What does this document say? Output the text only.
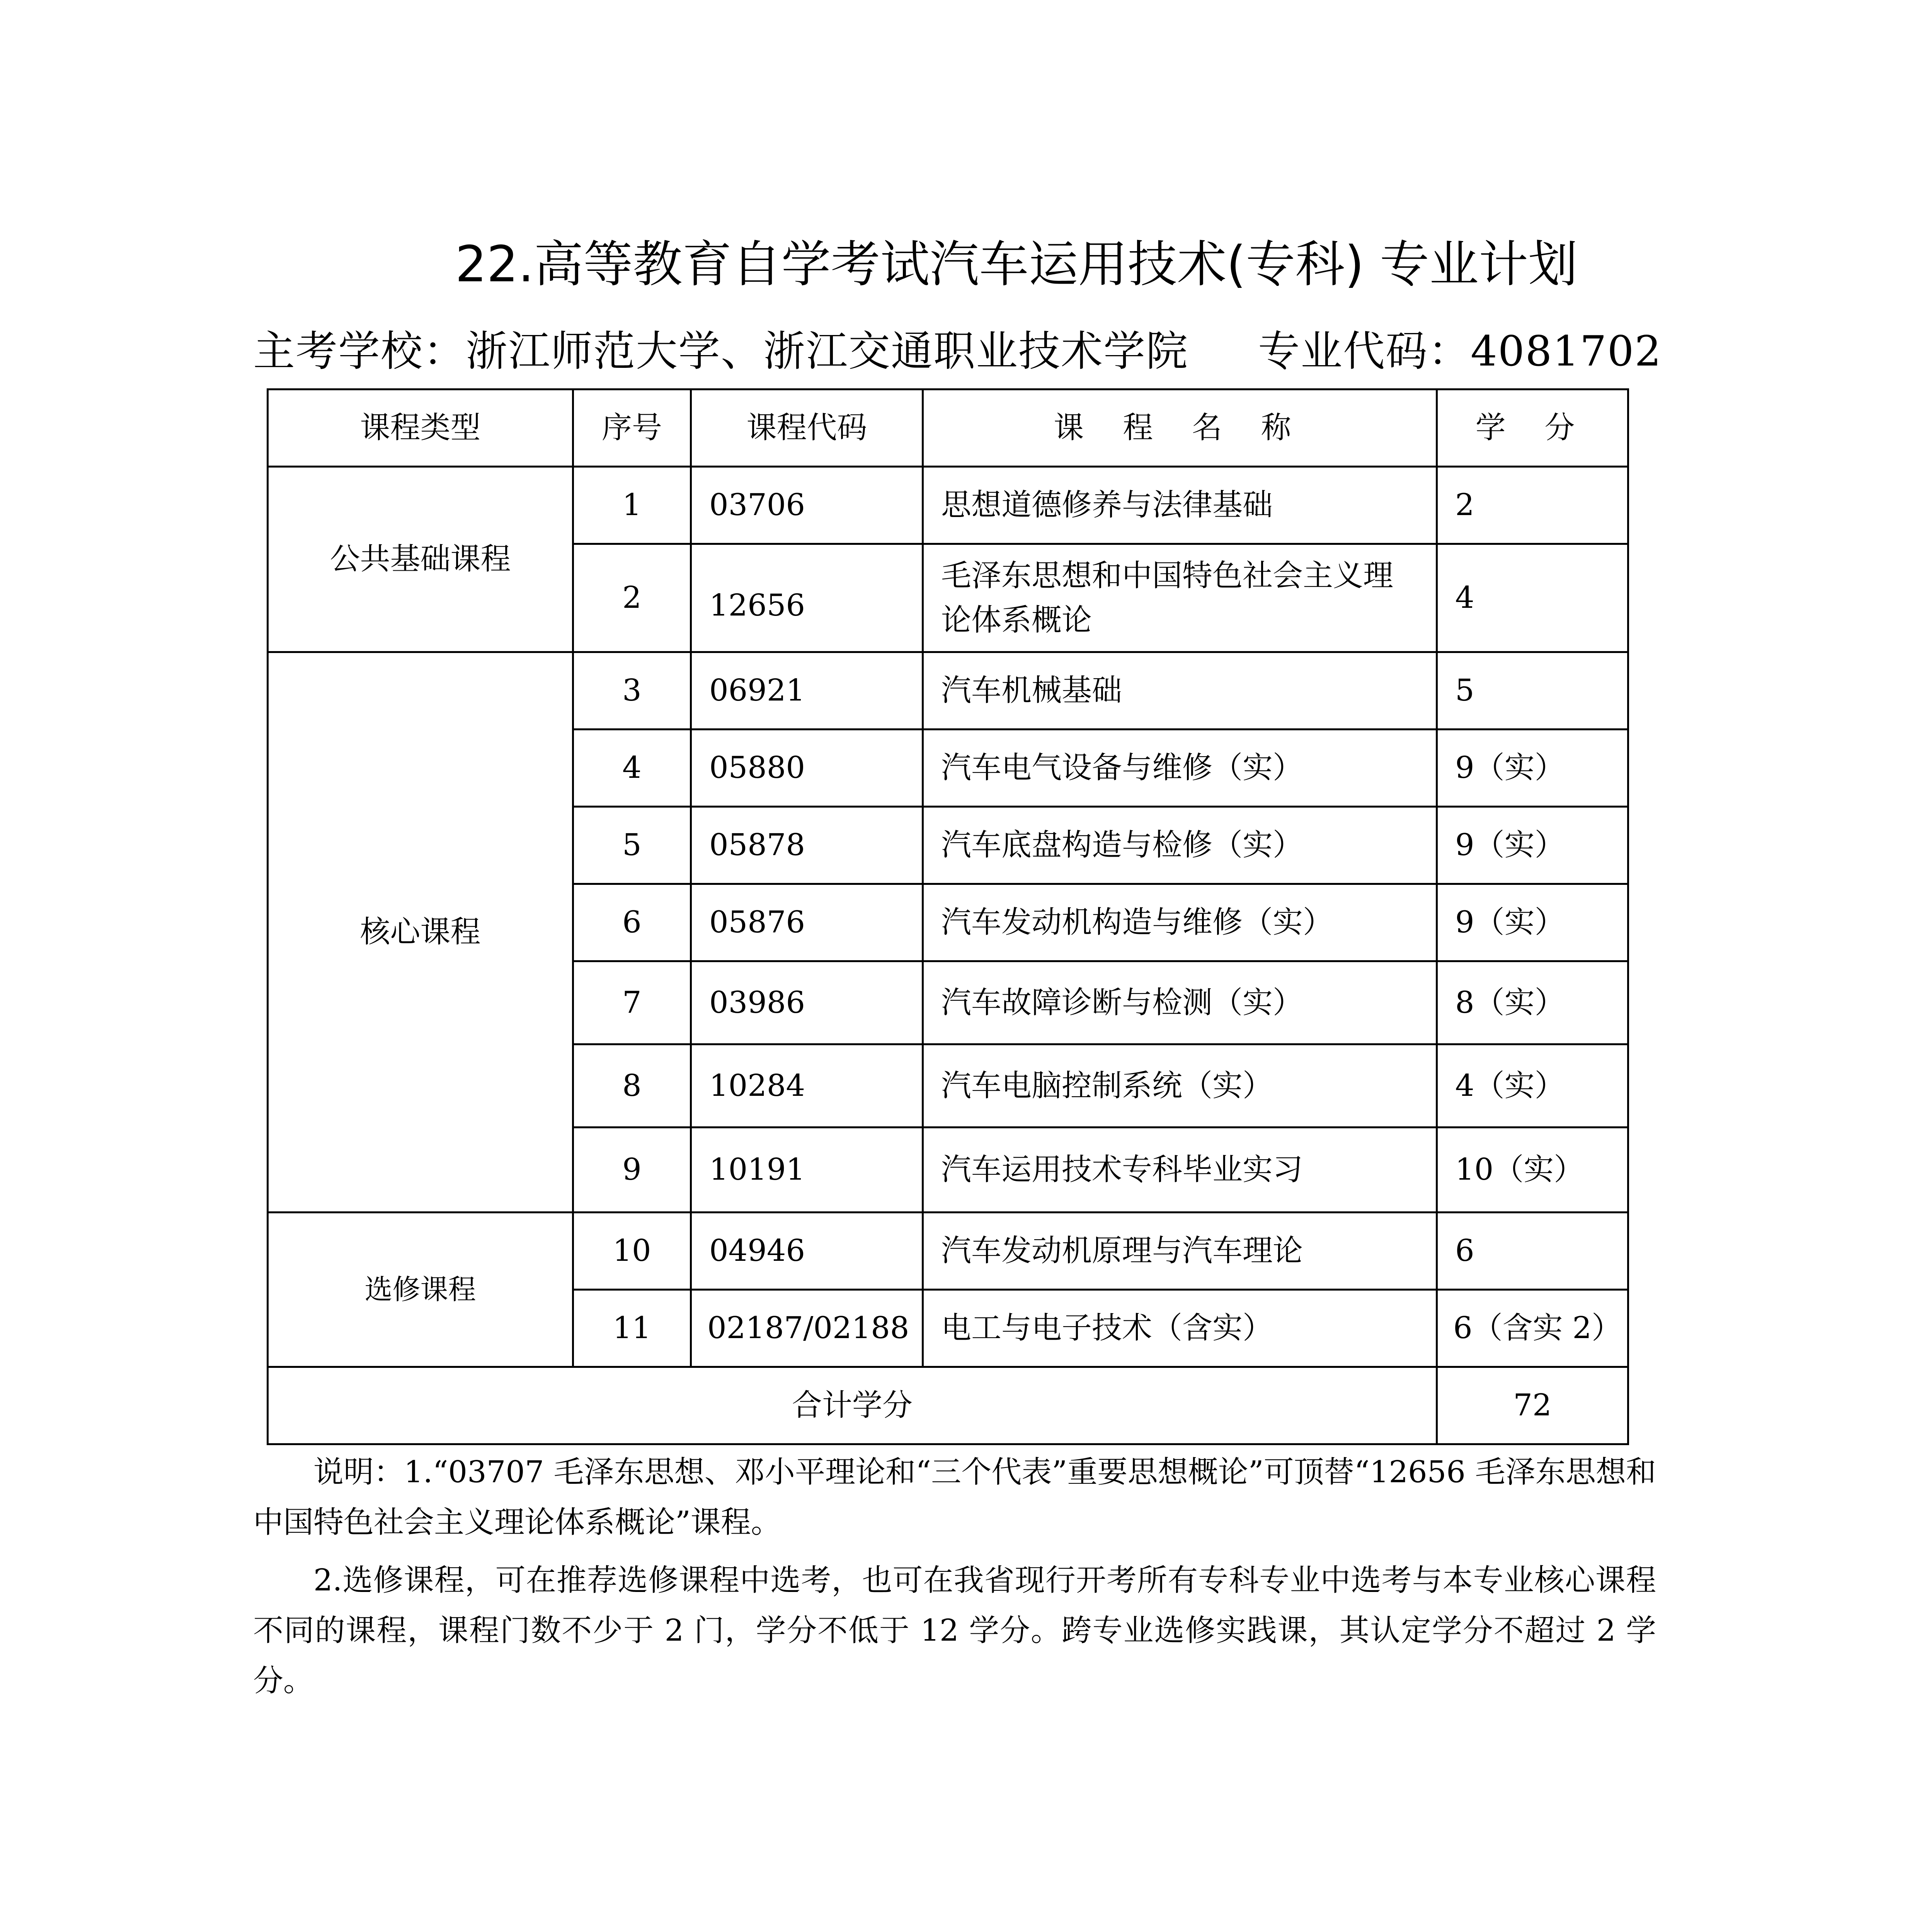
22.高等教育自学考试汽车运用技术(专科) 专业计划
主考学校：浙江师范大学、浙江交通职业技术学院 专业代码：4081702
课程类型	序号	课程代码	课 程 名 称	学 分
公共基础课程	1	03706	思想道德修养与法律基础	2
	2	12656	毛泽东思想和中国特色社会主义理论体系概论	4
核心课程	3	06921	汽车机械基础	5
	4	05880	汽车电气设备与维修（实）	9（实）
	5	05878	汽车底盘构造与检修（实）	9（实）
	6	05876	汽车发动机构造与维修（实）	9（实）
	7	03986	汽车故障诊断与检测（实）	8（实）
	8	10284	汽车电脑控制系统（实）	4（实）
	9	10191	汽车运用技术专科毕业实习	10（实）
选修课程	10	04946	汽车发动机原理与汽车理论	6
	11	02187/02188	电工与电子技术（含实）	6（含实 2）
合计学分				72

说明：1.“03707 毛泽东思想、邓小平理论和“三个代表”重要思想概论”可顶替“12656 毛泽东思想和中国特色社会主义理论体系概论”课程。

2.选修课程，可在推荐选修课程中选考，也可在我省现行开考所有专科专业中选考与本专业核心课程不同的课程，课程门数不少于 2 门，学分不低于 12 学分。跨专业选修实践课，其认定学分不超过 2 学分。
